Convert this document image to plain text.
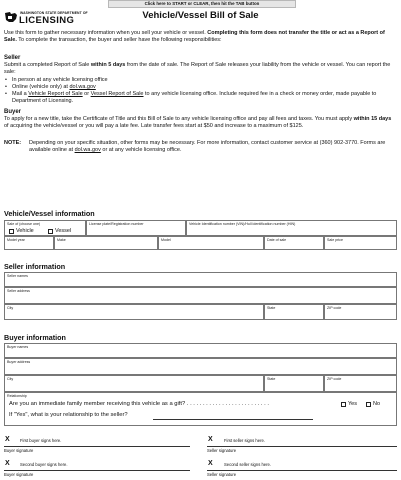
Click here to START or CLEAR, then hit the TAB button
WASHINGTON STATE DEPARTMENT OF
LICENSING	Vehicle/Vessel Bill of Sale
Use this form to gather necessary information when you sell your vehicle or vessel. Completing this form does not transfer the title or act as a Report of Sale. To complete the transaction, the buyer and seller have the following responsibilities:
Seller
Submit a completed Report of Sale within 5 days from the date of sale. The Report of Sale releases your liability from the vehicle or vessel. You can report the sale:
• In person at any vehicle licensing office
• Online (vehicle only) at dol.wa.gov
• Mail a Vehicle Report of Sale or Vessel Report of Sale to any vehicle licensing office. Include required fee in a check or money order, made payable to Department of Licensing.
Buyer
To apply for a new title, take the Certificate of Title and this Bill of Sale to any vehicle licensing office and pay all fees and taxes. You must apply within 15 days of acquiring the vehicle/vessel or you will pay a late fee. Late transfer fees start at $50 and increase to a maximum of $125.
NOTE: Depending on your specific situation, other forms may be necessary. For more information, contact customer service at (360) 902-3770. Forms are available online at dol.wa.gov or at any vehicle licensing office.
Vehicle/Vessel information
Sale of (choose one)
Vehicle	Vessel
License plate/Registration number	Vehicle Identification number (VIN)/Hull identification number (HIN)
Model year	Make	Model	Date of sale	Sale price
Seller information
Seller names
Seller address
City	State	ZIP code
Buyer information
Buyer names
Buyer address
City	State	ZIP code
Relationship
Are you an immediate family member receiving this vehicle as a gift? . . . . . . . . . . . . . . . . . . . . . . . . . .	Yes	No
If "Yes", what is your relationship to the seller?
X First buyer signs here.
Buyer signature
X	First seller signs here.
Seller signature
X Second buyer signs here.
Buyer signature
X	Second seller signs here.
Seller signature
